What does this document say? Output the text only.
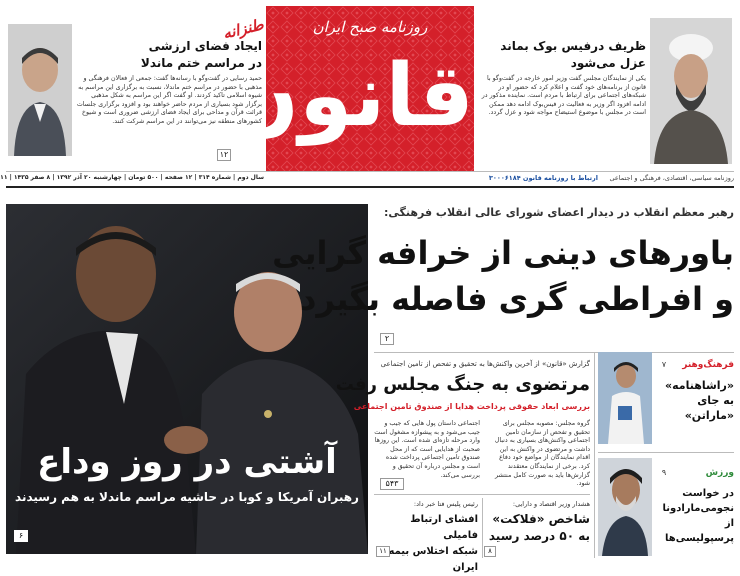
روزنامه صبح ایران
قانون
طنزانه
ایجاد فضای ارزشی
در مراسم ختم ماندلا
حمید رسایی در گفت‌وگو با رسانه‌ها گفت: جمعی از فعالان فرهنگی و مذهبی با حضور در مراسم ختم ماندلا، نسبت به برگزاری این مراسم به شیوه اسلامی تاکید کردند. او گفت اگر این مراسم به شکل مذهبی برگزار شود بسیاری از مردم حاضر خواهند بود و افزود برگزاری جلسات قرائت قرآن و مداحی برای ایجاد فضای ارزشی ضروری است و شیوخ کشورهای منطقه نیز می‌توانند در این مراسم شرکت کنند.
۱۲
ظریف درفیس بوک بماند
عزل می‌شود
یکی از نمایندگان مجلس گفت وزیر امور خارجه در گفت‌وگو با قانون از برنامه‌های خود گفت و اعلام کرد که حضور او در شبکه‌های اجتماعی برای ارتباط با مردم است. نماینده مذکور در ادامه افزود اگر وزیر به فعالیت در فیس‌بوک ادامه دهد ممکن است در مجلس با موضوع استیضاح مواجه شود و عزل گردد.
روزنامه سیاسی، اقتصادی، فرهنگی و اجتماعی
ارتباط با روزنامه قانون ۳۰۰۰۶۱۸۴
سال دوم | شماره ۳۱۴ | ۱۲ صفحه | ۵۰۰ تومان | چهارشنبه ۲۰ آذر ۱۳۹۲ | ۸ صفر ۱۴۳۵ | ۱۱
آشتی در روز وداع
رهبران آمریکا و کوبا در حاشیه مراسم ماندلا به هم رسیدند
۶
رهبر معظم انقلاب در دیدار اعضای شورای عالی انقلاب فرهنگی:
باورهای دینی از خرافه گرایی
و افراطی گری فاصله بگیرد
۲
گزارش «قانون» از آخرین واکنش‌ها به تحقیق و تفحص از تامین اجتماعی
مرتضوی به جنگ مجلس رفت
بررسی ابعاد حقوقی پرداخت هدایا از صندوق تامین اجتماعی
گروه مجلس: مصوبه مجلس برای تحقیق و تفحص از سازمان تامین اجتماعی واکنش‌های بسیاری به دنبال داشت و مرتضوی در واکنش به این اقدام نمایندگان از مواضع خود دفاع کرد. برخی از نمایندگان معتقدند گزارش‌ها باید به صورت کامل منتشر شود.
اجتماعی داستان پول هایی که جیب و جیب می‌شود و به پیشوازه مشغول است وارد مرحله تازه‌ای شده است. این روزها صحبت از هدایایی است که از محل صندوق تامین اجتماعی پرداخت شده است و مجلس درباره آن تحقیق و بررسی می‌کند.
۵۴۳
هشدار وزیر اقتصاد و دارایی:
شاخص «فلاکت»
به ۵۰ درصد رسید
۸
رئیس پلیس فتا خبر داد:
افشای ارتباط فامیلی
شبکه اختلاس بیمه ایران
۱۱
فرهنگ‌وهنر
۷
«راشاهنامه»
به جای
«ماراتن»
ورزش
۹
در خواست
نجومی‌مارادونا
از پرسپولیسی‌ها
